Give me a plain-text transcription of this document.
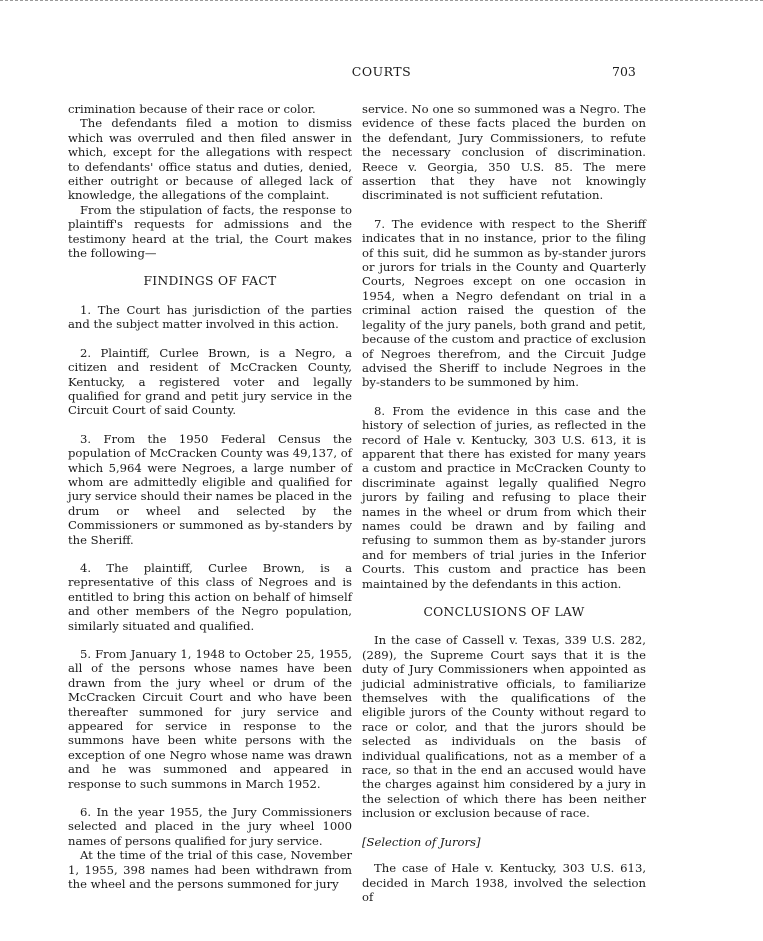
COURTS	703

crimination because of their race or color.

The defendants filed a motion to dismiss which was overruled and then filed answer in which, except for the allegations with respect to defendants' office status and duties, denied, either outright or because of alleged lack of knowledge, the allegations of the complaint.

From the stipulation of facts, the response to plaintiff's requests for admissions and the testimony heard at the trial, the Court makes the following—

FINDINGS OF FACT

1. The Court has jurisdiction of the parties and the subject matter involved in this action.

2. Plaintiff, Curlee Brown, is a Negro, a citizen and resident of McCracken County, Kentucky, a registered voter and legally qualified for grand and petit jury service in the Circuit Court of said County.

3. From the 1950 Federal Census the population of McCracken County was 49,137, of which 5,964 were Negroes, a large number of whom are admittedly eligible and qualified for jury service should their names be placed in the drum or wheel and selected by the Commissioners or summoned as by-standers by the Sheriff.

4. The plaintiff, Curlee Brown, is a representative of this class of Negroes and is entitled to bring this action on behalf of himself and other members of the Negro population, similarly situated and qualified.

5. From January 1, 1948 to October 25, 1955, all of the persons whose names have been drawn from the jury wheel or drum of the McCracken Circuit Court and who have been thereafter summoned for jury service and appeared for service in response to the summons have been white persons with the exception of one Negro whose name was drawn and he was summoned and appeared in response to such summons in March 1952.

6. In the year 1955, the Jury Commissioners selected and placed in the jury wheel 1000 names of persons qualified for jury service.

At the time of the trial of this case, November 1, 1955, 398 names had been withdrawn from the wheel and the persons summoned for jury

service. No one so summoned was a Negro. The evidence of these facts placed the burden on the defendant, Jury Commissioners, to refute the necessary conclusion of discrimination. Reece v. Georgia, 350 U.S. 85. The mere assertion that they have not knowingly discriminated is not sufficient refutation.

7. The evidence with respect to the Sheriff indicates that in no instance, prior to the filing of this suit, did he summon as by-stander jurors or jurors for trials in the County and Quarterly Courts, Negroes except on one occasion in 1954, when a Negro defendant on trial in a criminal action raised the question of the legality of the jury panels, both grand and petit, because of the custom and practice of exclusion of Negroes therefrom, and the Circuit Judge advised the Sheriff to include Negroes in the by-standers to be summoned by him.

8. From the evidence in this case and the history of selection of juries, as reflected in the record of Hale v. Kentucky, 303 U.S. 613, it is apparent that there has existed for many years a custom and practice in McCracken County to discriminate against legally qualified Negro jurors by failing and refusing to place their names in the wheel or drum from which their names could be drawn and by failing and refusing to summon them as by-stander jurors and for members of trial juries in the Inferior Courts. This custom and practice has been maintained by the defendants in this action.

CONCLUSIONS OF LAW

In the case of Cassell v. Texas, 339 U.S. 282, (289), the Supreme Court says that it is the duty of Jury Commissioners when appointed as judicial administrative officials, to familiarize themselves with the qualifications of the eligible jurors of the County without regard to race or color, and that the jurors should be selected as individuals on the basis of individual qualifications, not as a member of a race, so that in the end an accused would have the charges against him considered by a jury in the selection of which there has been neither inclusion or exclusion because of race.

[Selection of Jurors]

The case of Hale v. Kentucky, 303 U.S. 613, decided in March 1938, involved the selection of
